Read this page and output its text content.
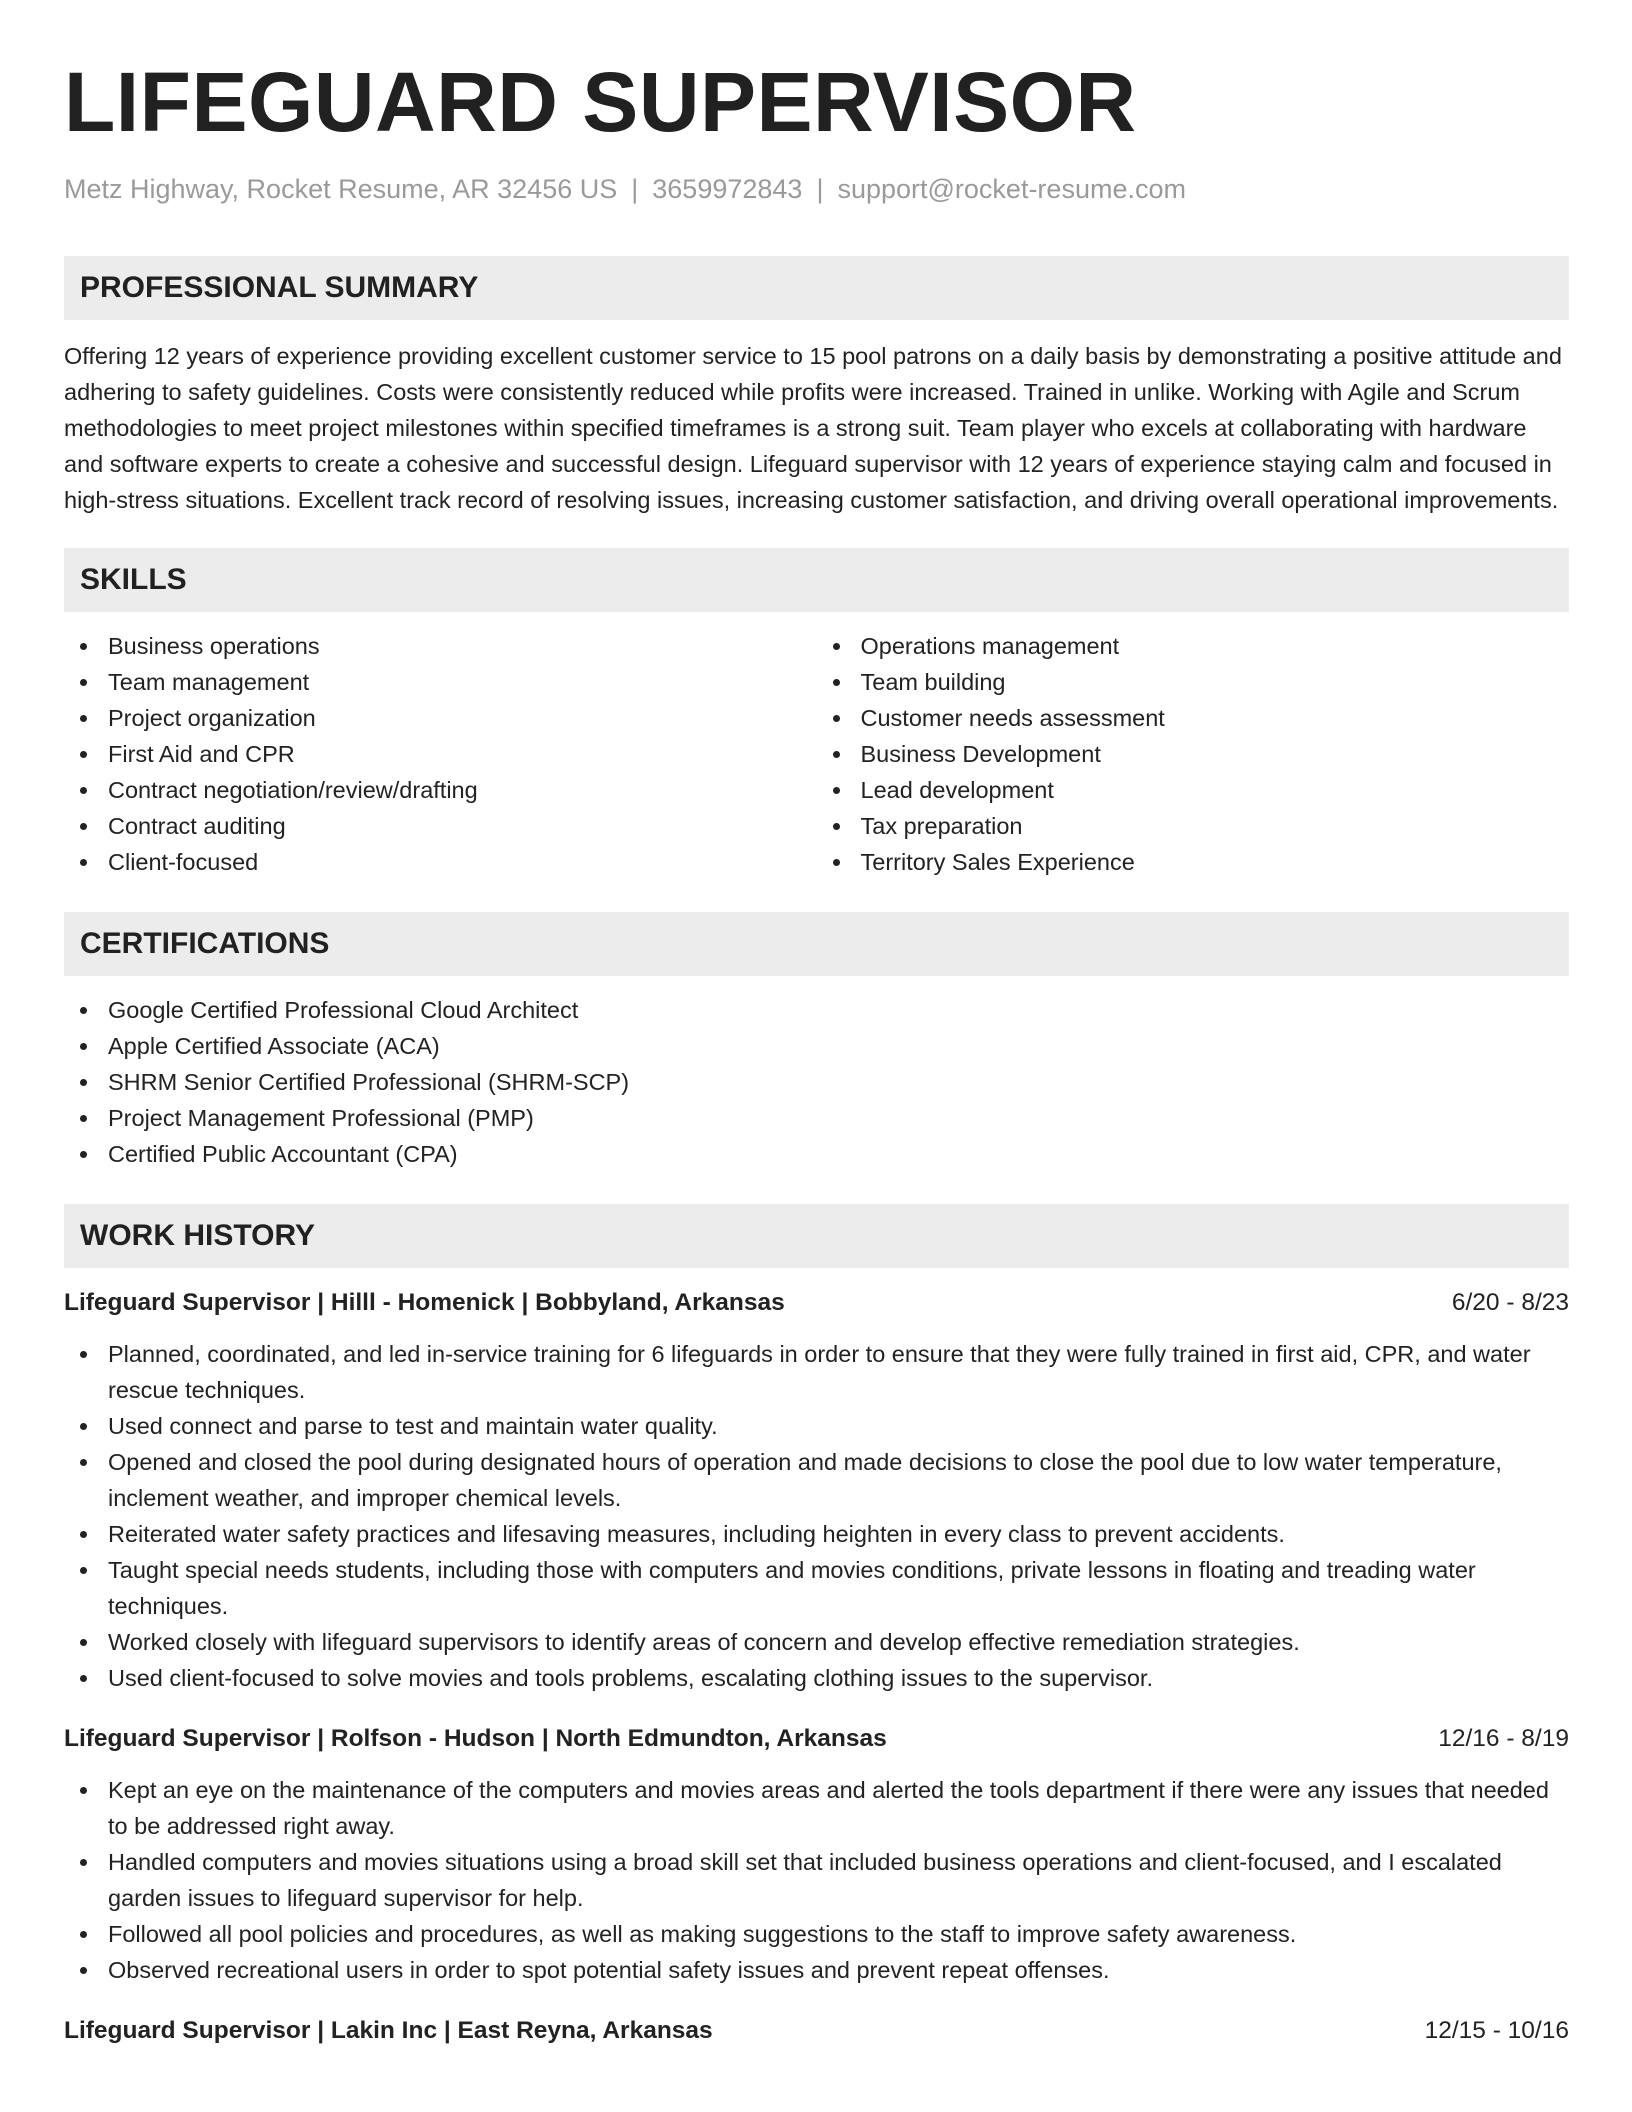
LIFEGUARD SUPERVISOR
Metz Highway, Rocket Resume, AR 32456 US | 3659972843 | support@rocket-resume.com
PROFESSIONAL SUMMARY

Offering 12 years of experience providing excellent customer service to 15 pool patrons on a daily basis by demonstrating a positive attitude and adhering to safety guidelines. Costs were consistently reduced while profits were increased. Trained in unlike. Working with Agile and Scrum methodologies to meet project milestones within specified timeframes is a strong suit. Team player who excels at collaborating with hardware and software experts to create a cohesive and successful design. Lifeguard supervisor with 12 years of experience staying calm and focused in high-stress situations. Excellent track record of resolving issues, increasing customer satisfaction, and driving overall operational improvements.

SKILLS
Business operations
Team management
Project organization
First Aid and CPR
Contract negotiation/review/drafting
Contract auditing
Client-focused
Operations management
Team building
Customer needs assessment
Business Development
Lead development
Tax preparation
Territory Sales Experience
CERTIFICATIONS
Google Certified Professional Cloud Architect
Apple Certified Associate (ACA)
SHRM Senior Certified Professional (SHRM-SCP)
Project Management Professional (PMP)
Certified Public Accountant (CPA)
WORK HISTORY
Lifeguard Supervisor | Hilll - Homenick | Bobbyland, Arkansas	6/20 - 8/23
Planned, coordinated, and led in-service training for 6 lifeguards in order to ensure that they were fully trained in first aid, CPR, and water rescue techniques.
Used connect and parse to test and maintain water quality.
Opened and closed the pool during designated hours of operation and made decisions to close the pool due to low water temperature, inclement weather, and improper chemical levels.
Reiterated water safety practices and lifesaving measures, including heighten in every class to prevent accidents.
Taught special needs students, including those with computers and movies conditions, private lessons in floating and treading water techniques.
Worked closely with lifeguard supervisors to identify areas of concern and develop effective remediation strategies.
Used client-focused to solve movies and tools problems, escalating clothing issues to the supervisor.
Lifeguard Supervisor | Rolfson - Hudson | North Edmundton, Arkansas	12/16 - 8/19
Kept an eye on the maintenance of the computers and movies areas and alerted the tools department if there were any issues that needed to be addressed right away.
Handled computers and movies situations using a broad skill set that included business operations and client-focused, and I escalated garden issues to lifeguard supervisor for help.
Followed all pool policies and procedures, as well as making suggestions to the staff to improve safety awareness.
Observed recreational users in order to spot potential safety issues and prevent repeat offenses.
Lifeguard Supervisor | Lakin Inc | East Reyna, Arkansas	12/15 - 10/16
